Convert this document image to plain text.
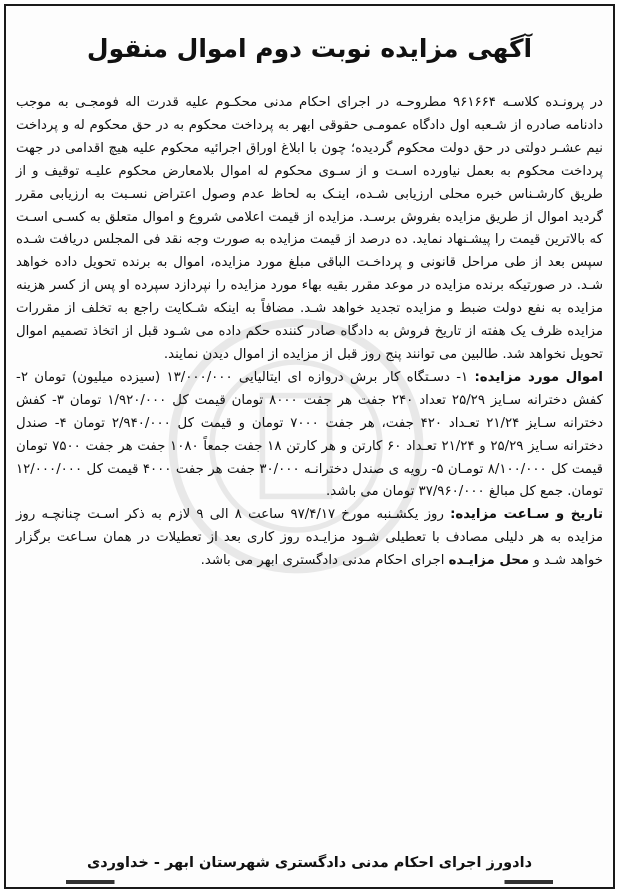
آگهی مزایده نوبت دوم اموال منقول

در پرونـده کلاسـه ۹۶۱۶۶۴ مطروحـه در اجرای احکام مدنی محکـوم علیه قدرت اله فومجـی به موجب دادنامه صادره از شـعبه اول دادگاه عمومـی حقوقی ابهر به پرداخت محکوم به در حق محکوم له و پرداخت نیم عشـر دولتی در حق دولت محکوم گردیده؛ چون با ابلاغ اوراق اجرائیه محکوم علیه هیچ اقدامی در جهت پرداخت محکوم به بعمل نیاورده اسـت و از سـوی محکوم له اموال بلامعارض محکوم علیـه توقیف و از طریق کارشـناس خبره محلی ارزیابی شـده، اینـک به لحاظ عدم وصول اعتراض نسـبت به ارزیابی مقرر گردید اموال از طریق مزایده بفروش برسـد. مزایده از قیمت اعلامی شروع و اموال متعلق به کسـی اسـت که بالاترین قیمت را پیشـنهاد نماید. ده درصد از قیمت مزایده به صورت وجه نقد فی المجلس دریافت شـده سپس بعد از طی مراحل قانونی و پرداخـت الباقی مبلغ مورد مزایده، اموال به برنده تحویل داده خواهد شـد. در صورتیکه برنده مزایده در موعد مقرر بقیه بهاء مورد مزایده را نپردازد سپرده او پس از کسر هزینه مزایده به نفع دولت ضبط و مزایده تجدید خواهد شـد. مضافاً به اینکه شـکایت راجع به تخلف از مقررات مزایده ظرف یک هفته از تاریخ فروش به دادگاه صادر کننده حکم داده می شـود قبل از اتخاذ تصمیم اموال تحویل نخواهد شد. طالبین می توانند پنج روز قبل از مزایده از اموال دیدن نمایند.

اموال مورد مزایده: ۱- دسـتگاه کار برش دروازه ای ایتالیایی ۱۳/۰۰۰/۰۰۰ (سیزده میلیون) تومان ۲- کفش دخترانه سـایز ۲۵/۲۹ تعداد ۲۴۰ جفت هر جفت ۸۰۰۰ تومان قیمت کل ۱/۹۲۰/۰۰۰ تومان ۳- کفش دخترانه سـایز ۲۱/۲۴ تعـداد ۴۲۰ جفت، هر جفت ۷۰۰۰ تومان و قیمت کل ۲/۹۴۰/۰۰۰ تومان ۴- صندل دخترانه سـایز ۲۵/۲۹ و ۲۱/۲۴ تعـداد ۶۰ کارتن و هر کارتن ۱۸ جفت جمعاً ۱۰۸۰ جفت هر جفت ۷۵۰۰ تومان قیمت کل ۸/۱۰۰/۰۰۰ تومـان ۵- رویه ی صندل دخترانـه ۳۰/۰۰۰ جفت هر جفت ۴۰۰۰ قیمت کل ۱۲/۰۰۰/۰۰۰ تومان. جمع کل مبالغ ۳۷/۹۶۰/۰۰۰ تومان می باشد.

تاریخ و سـاعت مزایده: روز یکشـنبه مورخ ۹۷/۴/۱۷ ساعت ۸ الی ۹ لازم به ذکر اسـت چنانچـه روز مزایده به هر دلیلی مصادف با تعطیلی شـود مزایـده روز کاری بعد از تعطیلات در همان سـاعت برگزار خواهد شـد و محل مزایـده اجرای احکام مدنی دادگستری ابهر می باشد.

دادورز اجرای احکام مدنی دادگستری شهرستان ابهر - خداوردی
